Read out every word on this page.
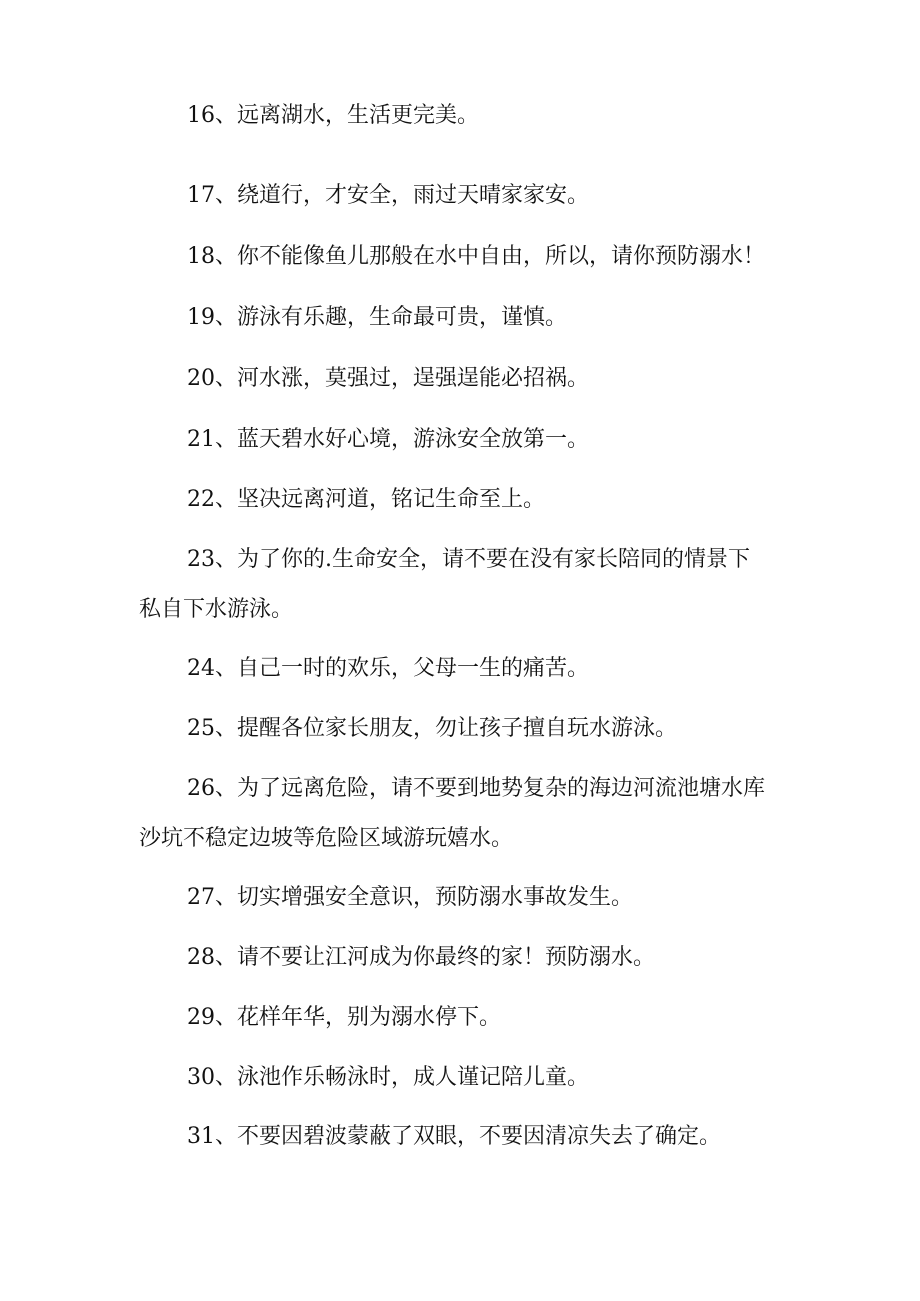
16、远离湖水，生活更完美。
17、绕道行，才安全，雨过天晴家家安。
18、你不能像鱼儿那般在水中自由，所以，请你预防溺水！
19、游泳有乐趣，生命最可贵，谨慎。
20、河水涨，莫强过，逞强逞能必招祸。
21、蓝天碧水好心境，游泳安全放第一。
22、坚决远离河道，铭记生命至上。
23、为了你的.生命安全，请不要在没有家长陪同的情景下
私自下水游泳。
24、自己一时的欢乐，父母一生的痛苦。
25、提醒各位家长朋友，勿让孩子擅自玩水游泳。
26、为了远离危险，请不要到地势复杂的海边河流池塘水库
沙坑不稳定边坡等危险区域游玩嬉水。
27、切实增强安全意识，预防溺水事故发生。
28、请不要让江河成为你最终的家！预防溺水。
29、花样年华，别为溺水停下。
30、泳池作乐畅泳时，成人谨记陪儿童。
31、不要因碧波蒙蔽了双眼，不要因清凉失去了确定。
